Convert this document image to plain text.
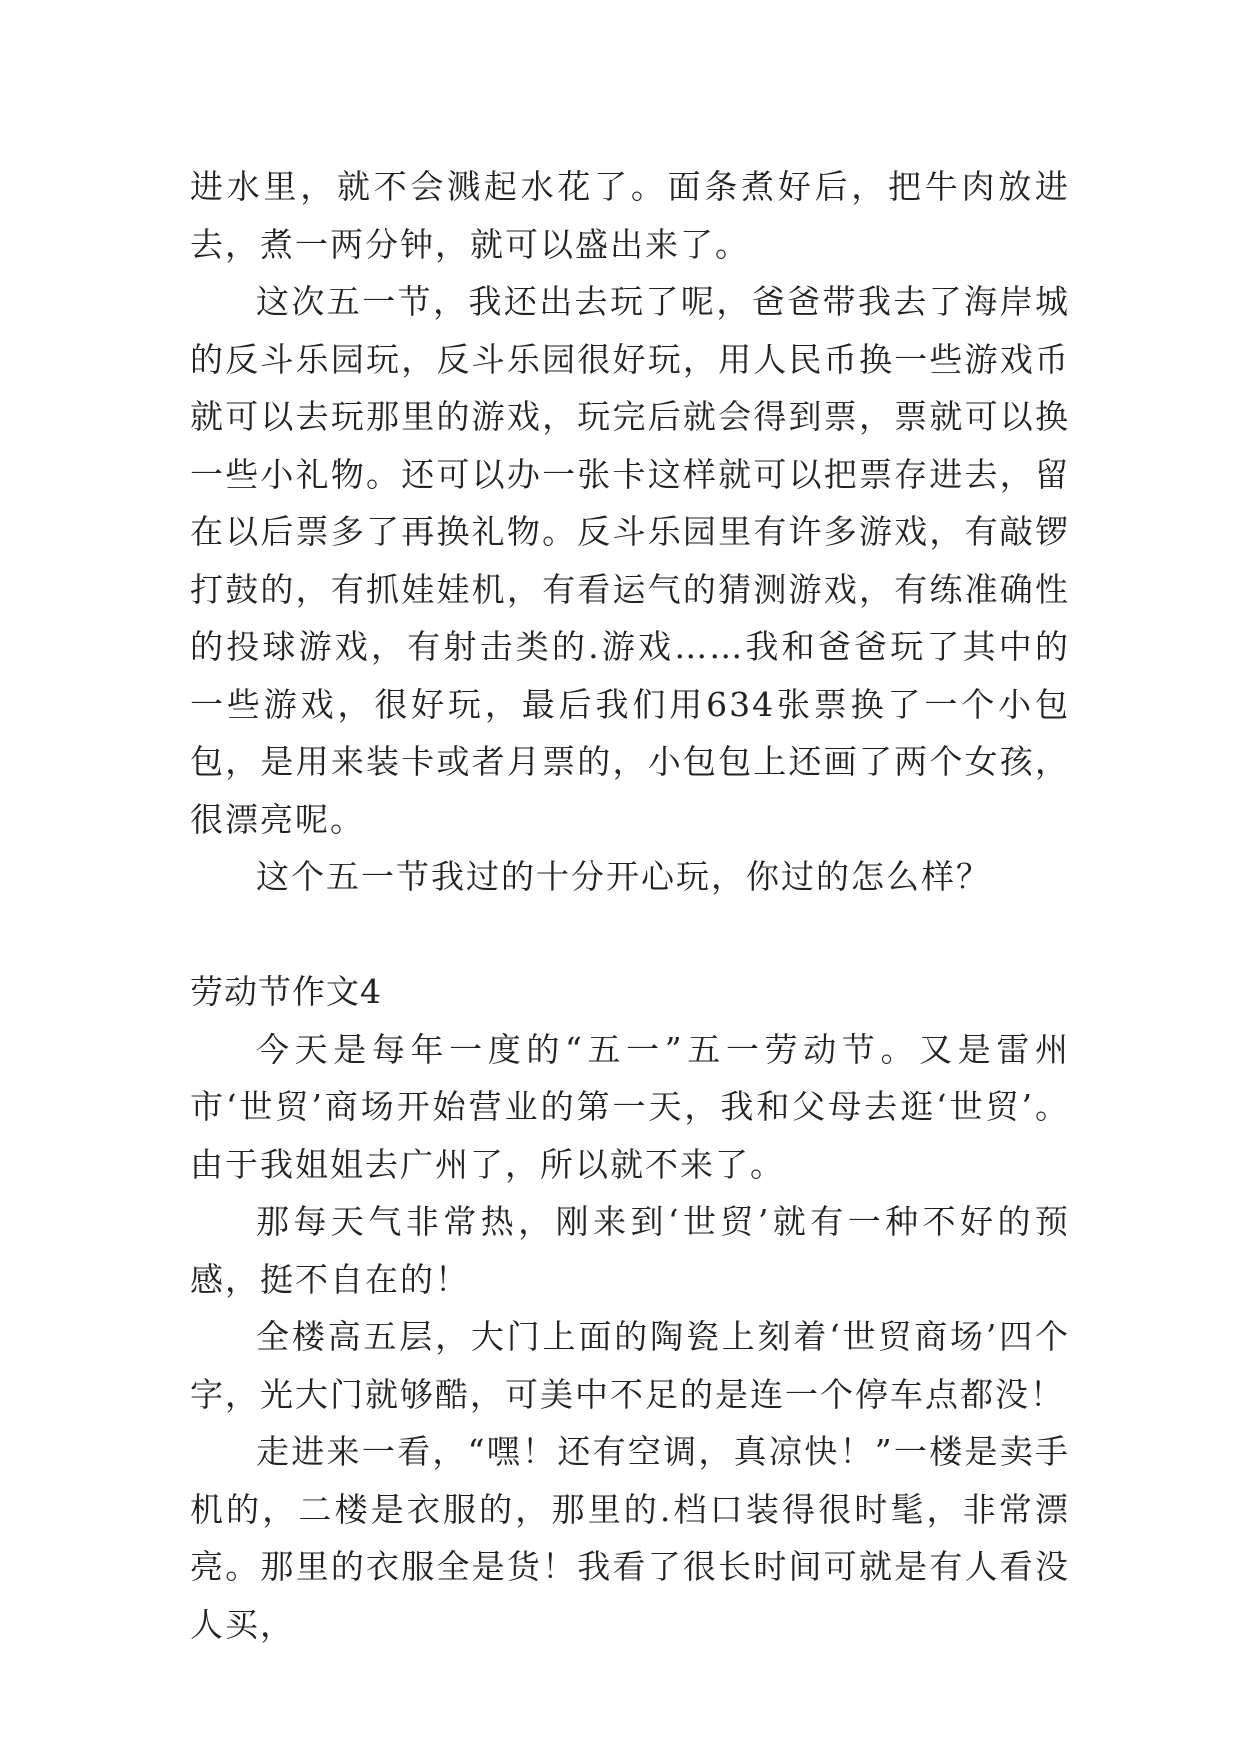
进水里，就不会溅起水花了。面条煮好后，把牛肉放进去，煮一两分钟，就可以盛出来了。

这次五一节，我还出去玩了呢，爸爸带我去了海岸城的反斗乐园玩，反斗乐园很好玩，用人民币换一些游戏币就可以去玩那里的游戏，玩完后就会得到票，票就可以换一些小礼物。还可以办一张卡这样就可以把票存进去，留在以后票多了再换礼物。反斗乐园里有许多游戏，有敲锣打鼓的，有抓娃娃机，有看运气的猜测游戏，有练准确性的投球游戏，有射击类的.游戏……我和爸爸玩了其中的一些游戏，很好玩，最后我们用634张票换了一个小包包，是用来装卡或者月票的，小包包上还画了两个女孩，很漂亮呢。

这个五一节我过的十分开心玩，你过的怎么样？

劳动节作文4

今天是每年一度的“五一”五一劳动节。又是雷州市‘世贸’商场开始营业的第一天，我和父母去逛‘世贸’。由于我姐姐去广州了，所以就不来了。

那每天气非常热，刚来到‘世贸’就有一种不好的预感，挺不自在的！

全楼高五层，大门上面的陶瓷上刻着‘世贸商场’四个字，光大门就够酷，可美中不足的是连一个停车点都没！

走进来一看，“嘿！还有空调，真凉快！”一楼是卖手机的，二楼是衣服的，那里的.档口装得很时髦，非常漂亮。那里的衣服全是货！我看了很长时间可就是有人看没人买，
